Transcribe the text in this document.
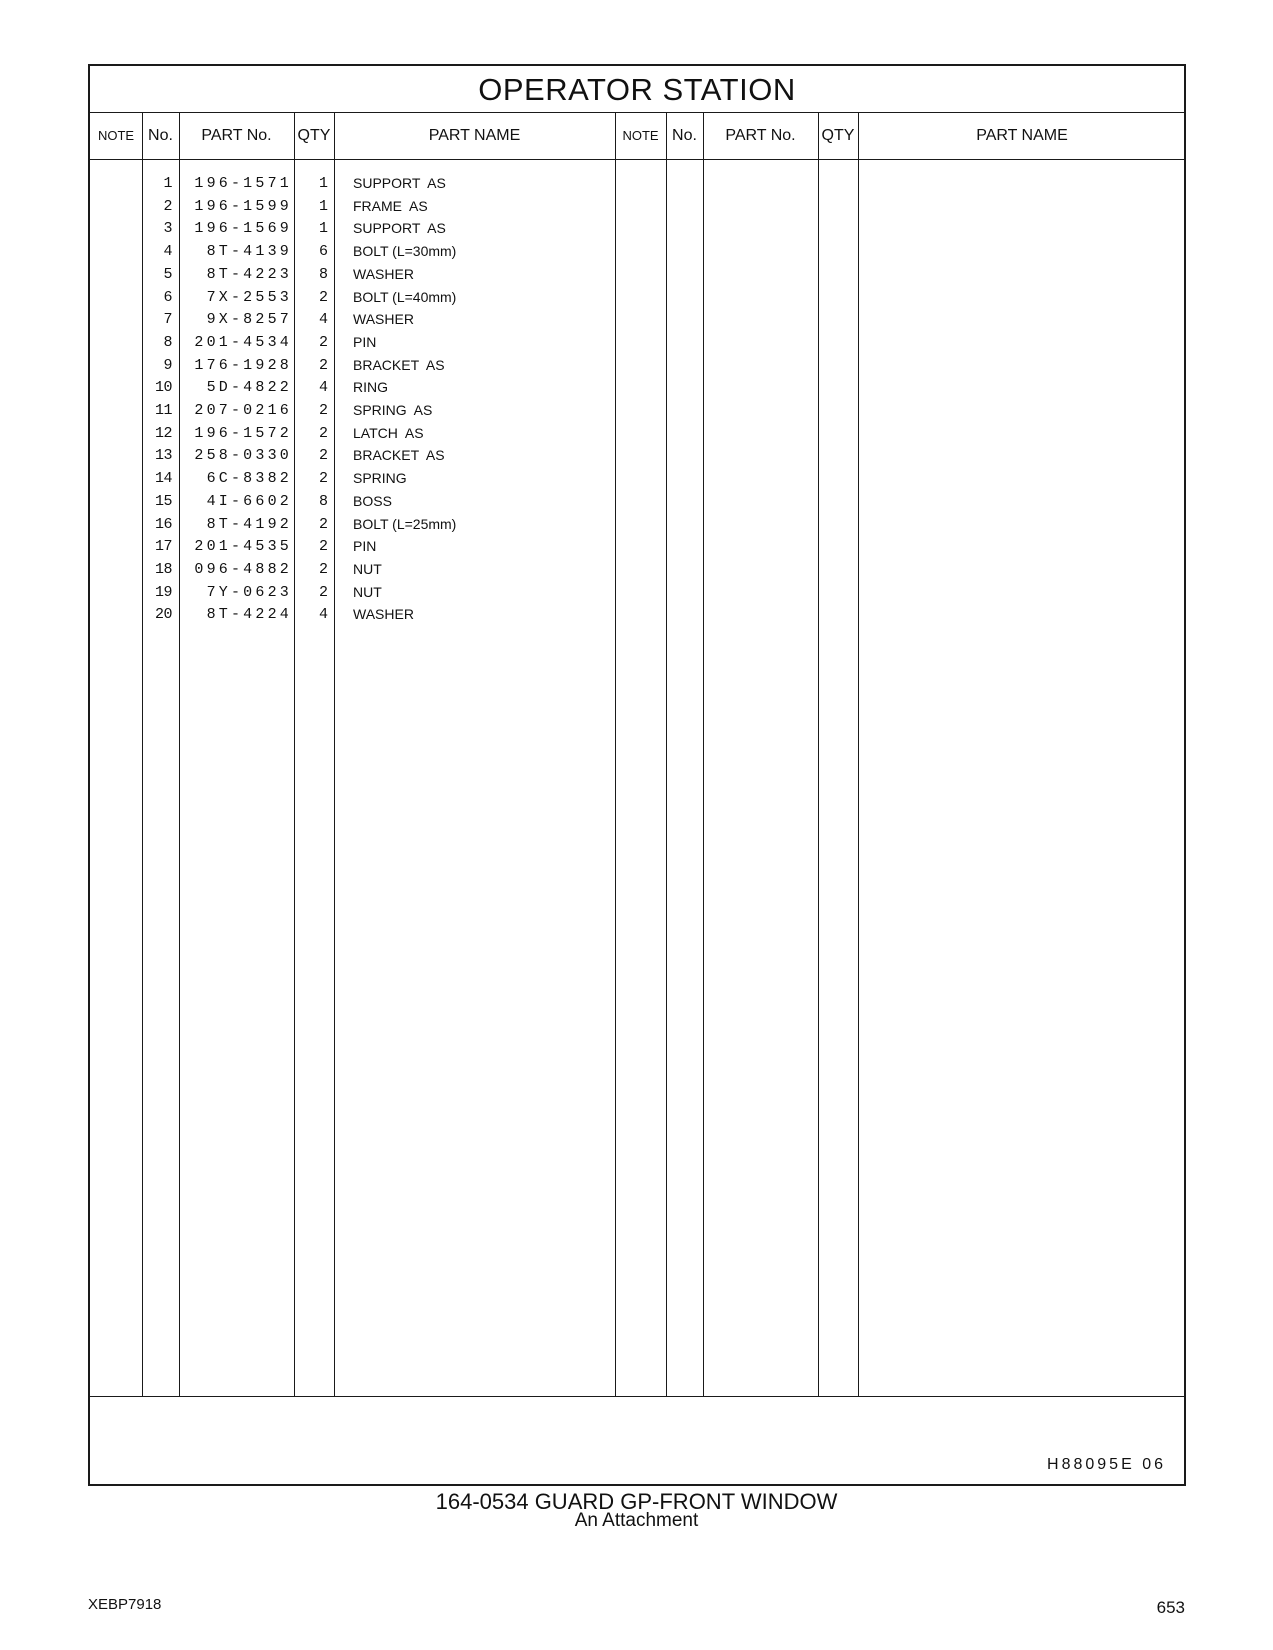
OPERATOR STATION
NOTE No.	PART No.	QTY	PART NAME	NOTE No.	PART No.	QTY	PART NAME
1	196-1571	1 SUPPORT  AS
2	196-1599	1 FRAME  AS
3	196-1569	1 SUPPORT  AS
4	8T-4139	6 BOLT (L=30mm)
5	8T-4223	8 WASHER
6	7X-2553	2 BOLT (L=40mm)
7	9X-8257	4 WASHER
8	201-4534	2 PIN
9	176-1928	2 BRACKET  AS
10	5D-4822	4 RING
11	207-0216	2 SPRING  AS
12	196-1572	2 LATCH  AS
13	258-0330	2 BRACKET  AS
14	6C-8382	2 SPRING
15	4I-6602	8 BOSS
16	8T-4192	2 BOLT (L=25mm)
17	201-4535	2 PIN
18	096-4882	2 NUT
19	7Y-0623	2 NUT
20	8T-4224	4 WASHER
H88095E 06
164-0534 GUARD GP-FRONT WINDOW
An Attachment
XEBP7918	653
